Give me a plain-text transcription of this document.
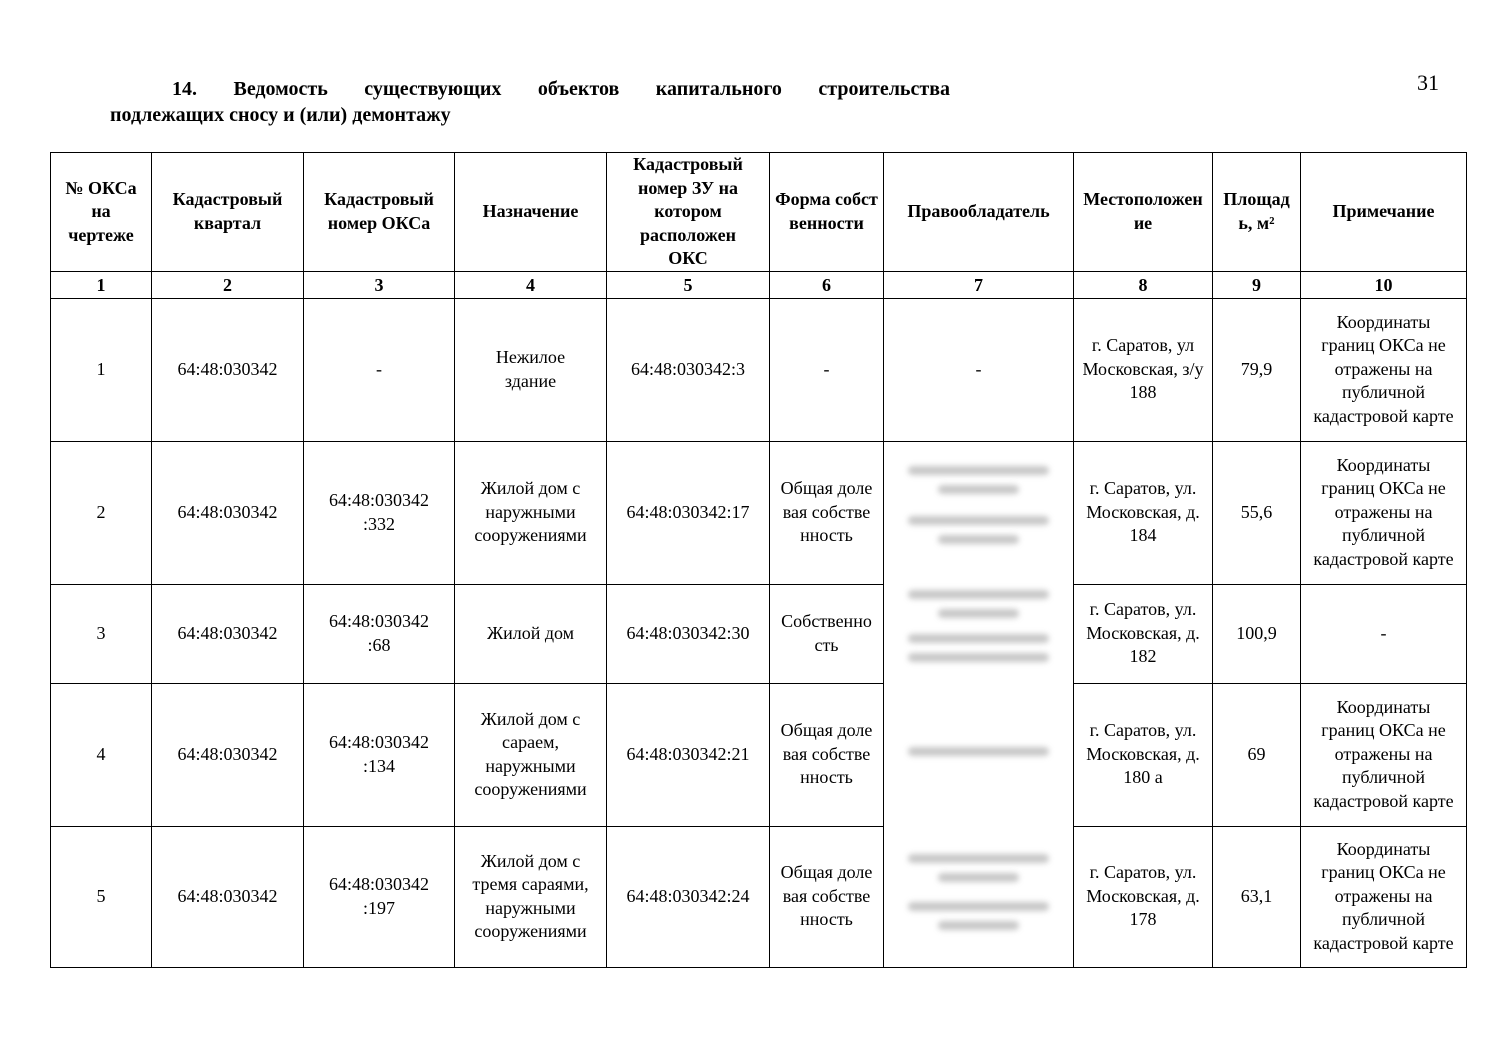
31
14. Ведомость существующих объектов капитального строительства
подлежащих сносу и (или) демонтажу
№ ОКСа на чертеже	Кадастровый квартал	Кадастровый номер ОКСа	Назначение	Кадастровый номер ЗУ на котором расположен ОКС	Форма собственности	Правообладатель	Местоположение	Площадь, м²	Примечание
1	2	3	4	5	6	7	8	9	10
1	64:48:030342	-	Нежилое здание	64:48:030342:3	-	-	г. Саратов, ул Московская, з/у 188	79,9	Координаты границ ОКСа не отражены на публичной кадастровой карте
2	64:48:030342	64:48:030342 :332	Жилой дом с наружными сооружениями	64:48:030342:17	Общая долевая собственность		г. Саратов, ул. Московская, д. 184	55,6	Координаты границ ОКСа не отражены на публичной кадастровой карте
3	64:48:030342	64:48:030342 :68	Жилой дом	64:48:030342:30	Собственность		г. Саратов, ул. Московская, д. 182	100,9	-
4	64:48:030342	64:48:030342 :134	Жилой дом с сараем, наружными сооружениями	64:48:030342:21	Общая долевая собственность		г. Саратов, ул. Московская, д. 180 а	69	Координаты границ ОКСа не отражены на публичной кадастровой карте
5	64:48:030342	64:48:030342 :197	Жилой дом с тремя сараями, наружными сооружениями	64:48:030342:24	Общая долевая собственность		г. Саратов, ул. Московская, д. 178	63,1	Координаты границ ОКСа не отражены на публичной кадастровой карте
